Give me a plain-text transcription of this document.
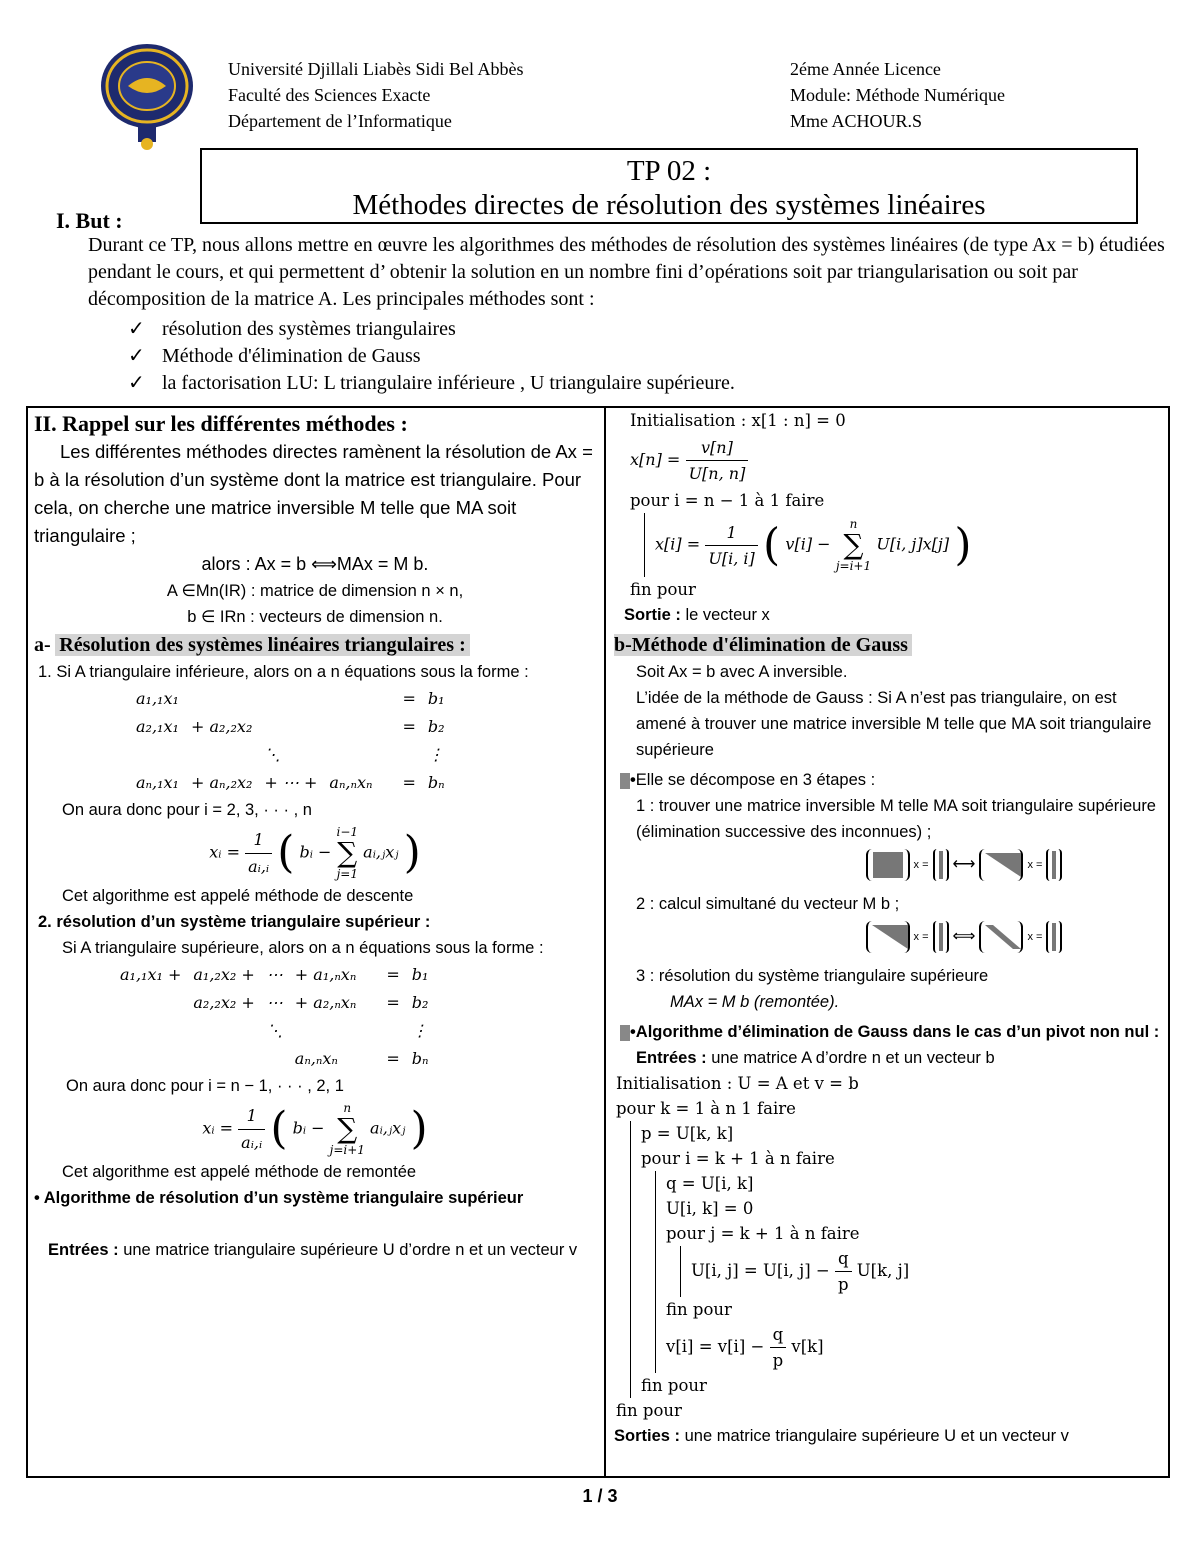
Université Djillali Liabès Sidi Bel Abbès
Faculté des Sciences Exacte
Département de l’Informatique
2éme Année Licence
Module: Méthode Numérique
Mme ACHOUR.S
TP 02 :
Méthodes directes de résolution des systèmes linéaires
I. But :

Durant ce TP, nous allons mettre en œuvre les algorithmes des méthodes de résolution des systèmes linéaires (de type Ax = b) étudiées pendant le cours, et qui permettent d’ obtenir la solution en un nombre fini d’opérations soit par triangularisation ou soit par décomposition de la matrice A. Les principales méthodes sont :

✓ résolution des systèmes triangulaires
✓ Méthode d'élimination de Gauss
✓ la factorisation LU: L triangulaire inférieure , U triangulaire supérieure.
II. Rappel sur les différentes méthodes :
Les différentes méthodes directes ramènent la résolution de Ax = b à la résolution d’un système dont la matrice est triangulaire. Pour cela, on cherche une matrice inversible M telle que MA soit triangulaire ;
alors : Ax = b ⟺MAx = M b.
A ∈Mn(IR) : matrice de dimension n × n,
b ∈ IRn : vecteurs de dimension n.
a- Résolution des systèmes linéaires triangulaires :
1. Si A triangulaire inférieure, alors on a n équations sous la forme :
a₁,₁x₁				=	b₁
a₂,₁x₁	+ a₂,₂x₂			=	b₂
		⋱			⋮
aₙ,₁x₁	+ aₙ,₂x₂	+ ⋯ +	aₙ,ₙxₙ	=	bₙ
On aura donc pour i = 2, 3, · · · , n
xᵢ = $\frac{1}{\text{aᵢ,ᵢ}}$ ( bᵢ −
i−1
∑
j=1
aᵢ,ⱼxⱼ )
Cet algorithme est appelé méthode de descente
2. résolution d’un système triangulaire supérieur :
Si A triangulaire supérieure, alors on a n équations sous la forme :
a₁,₁x₁ +	a₁,₂x₂ +	⋯	+ a₁,ₙxₙ	=	b₁
	a₂,₂x₂ +	⋯	+ a₂,ₙxₙ	=	b₂
		⋱			⋮
			aₙ,ₙxₙ	=	bₙ
On aura donc pour i = n − 1, · · · , 2, 1
xᵢ = $\frac{1}{\text{aᵢ,ᵢ}}$ ( bᵢ −
n
∑
j=i+1
aᵢ,ⱼxⱼ )
Cet algorithme est appelé méthode de remontée
• Algorithme de résolution d’un système triangulaire supérieur
Entrées : une matrice triangulaire supérieure U d’ordre n et un vecteur v
Initialisation : x[1 : n] = 0
$x[n] = \frac{v[n]}{U[n, n]}$
pour i = n − 1 à 1 faire
$x[i] = \frac{1}{U[i, i]}$ ( v[i] −
n
∑
j=i+1
U[i, j]x[j] )
fin pour
Sortie : le vecteur x
b-Méthode d'élimination de Gauss
Soit Ax = b avec A inversible.
L’idée de la méthode de Gauss : Si A n’est pas triangulaire, on est amené à trouver une matrice inversible M telle que MA soit triangulaire supérieure
•Elle se décompose en 3 étapes :
1 : trouver une matrice inversible M telle MA soit triangulaire supérieure (élimination successive des inconnues) ;
x = ⟷	x =
2 : calcul simultané du vecteur M b ;
x = ⟺	x =
3 : résolution du système triangulaire supérieure
MAx = M b (remontée).
•Algorithme d’élimination de Gauss dans le cas d’un pivot non nul :
Entrées : une matrice A d’ordre n et un vecteur b
Initialisation : U = A et v = b
pour k = 1 à n 1 faire
p = U[k, k]
pour i = k + 1 à n faire
q = U[i, k]
U[i, k] = 0
pour j = k + 1 à n faire
U[i, j] = U[i, $j] - \frac{q}{p} U[k$, j]
fin pour
$v[i] = v[i] - \frac{q}{p} v[k]$
fin pour
fin pour
Sorties : une matrice triangulaire supérieure U et un vecteur v
1 / 3
